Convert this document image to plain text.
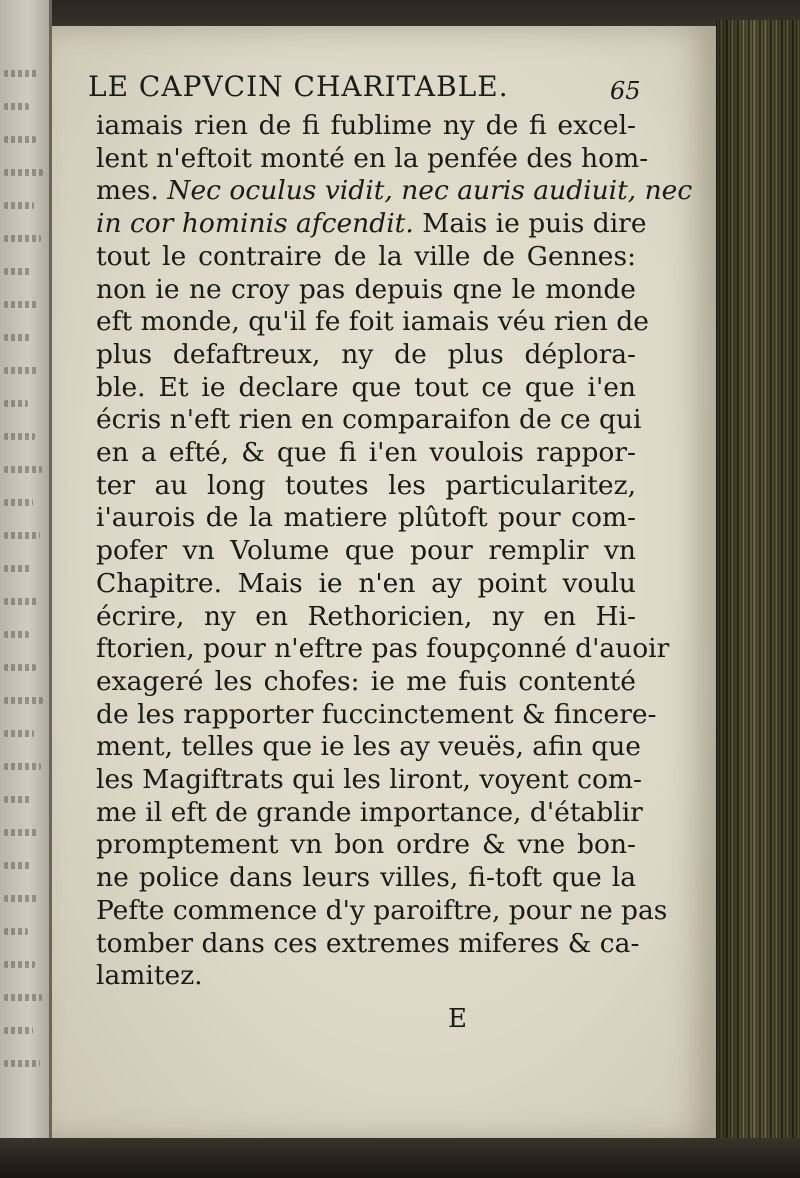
LE CAPVCIN CHARITABLE.	65

iamais rien de fi fublime ny de fi excel-
lent n'eftoit monté en la penfée des hom-
mes. Nec oculus vidit, nec auris audiuit, nec
in cor hominis afcendit. Mais ie puis dire
tout le contraire de la ville de Gennes:
non ie ne croy pas depuis qne le monde
eft monde, qu'il fe foit iamais véu rien de
plus defaftreux, ny de plus déplora-
ble. Et ie declare que tout ce que i'en
écris n'eft rien en comparaifon de ce qui
en a efté, & que fi i'en voulois rappor-
ter au long toutes les particularitez,
i'aurois de la matiere plûtoft pour com-
pofer vn Volume que pour remplir vn
Chapitre. Mais ie n'en ay point voulu
écrire, ny en Rethoricien, ny en Hi-
ftorien, pour n'eftre pas foupçonné d'auoir
exageré les chofes: ie me fuis contenté
de les rapporter fuccinctement & fincere-
ment, telles que ie les ay veuës, afin que
les Magiftrats qui les liront, voyent com-
me il eft de grande importance, d'établir
promptement vn bon ordre & vne bon-
ne police dans leurs villes, fi-toft que la
Pefte commence d'y paroiftre, pour ne pas
tomber dans ces extremes miferes & ca-
lamitez.

E
